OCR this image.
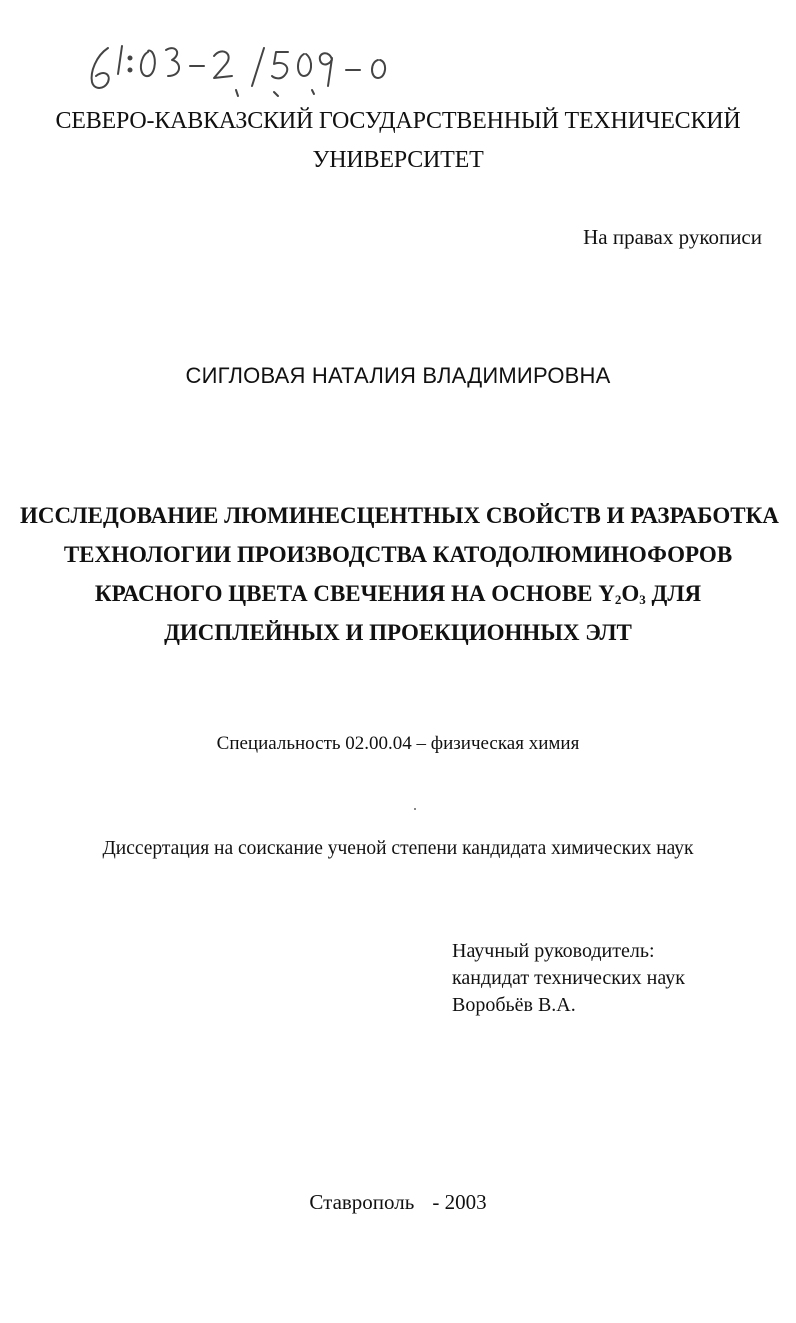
СЕВЕРО-КАВКАЗСКИЙ ГОСУДАРСТВЕННЫЙ ТЕХНИЧЕСКИЙ
УНИВЕРСИТЕТ
На правах рукописи
СИГЛОВАЯ НАТАЛИЯ ВЛАДИМИРОВНА
ИССЛЕДОВАНИЕ ЛЮМИНЕСЦЕНТНЫХ СВОЙСТВ И РАЗРАБОТКА
ТЕХНОЛОГИИ ПРОИЗВОДСТВА КАТОДОЛЮМИНОФОРОВ
КРАСНОГО ЦВЕТА СВЕЧЕНИЯ НА ОСНОВЕ $Y_2O_3$ ДЛЯ
ДИСПЛЕЙНЫХ И ПРОЕКЦИОННЫХ ЭЛТ
Специальность 02.00.04 – физическая химия
Диссертация на соискание ученой степени кандидата химических наук
Научный руководитель:
кандидат технических наук
Воробьёв В.А.
Ставрополь - 2003
